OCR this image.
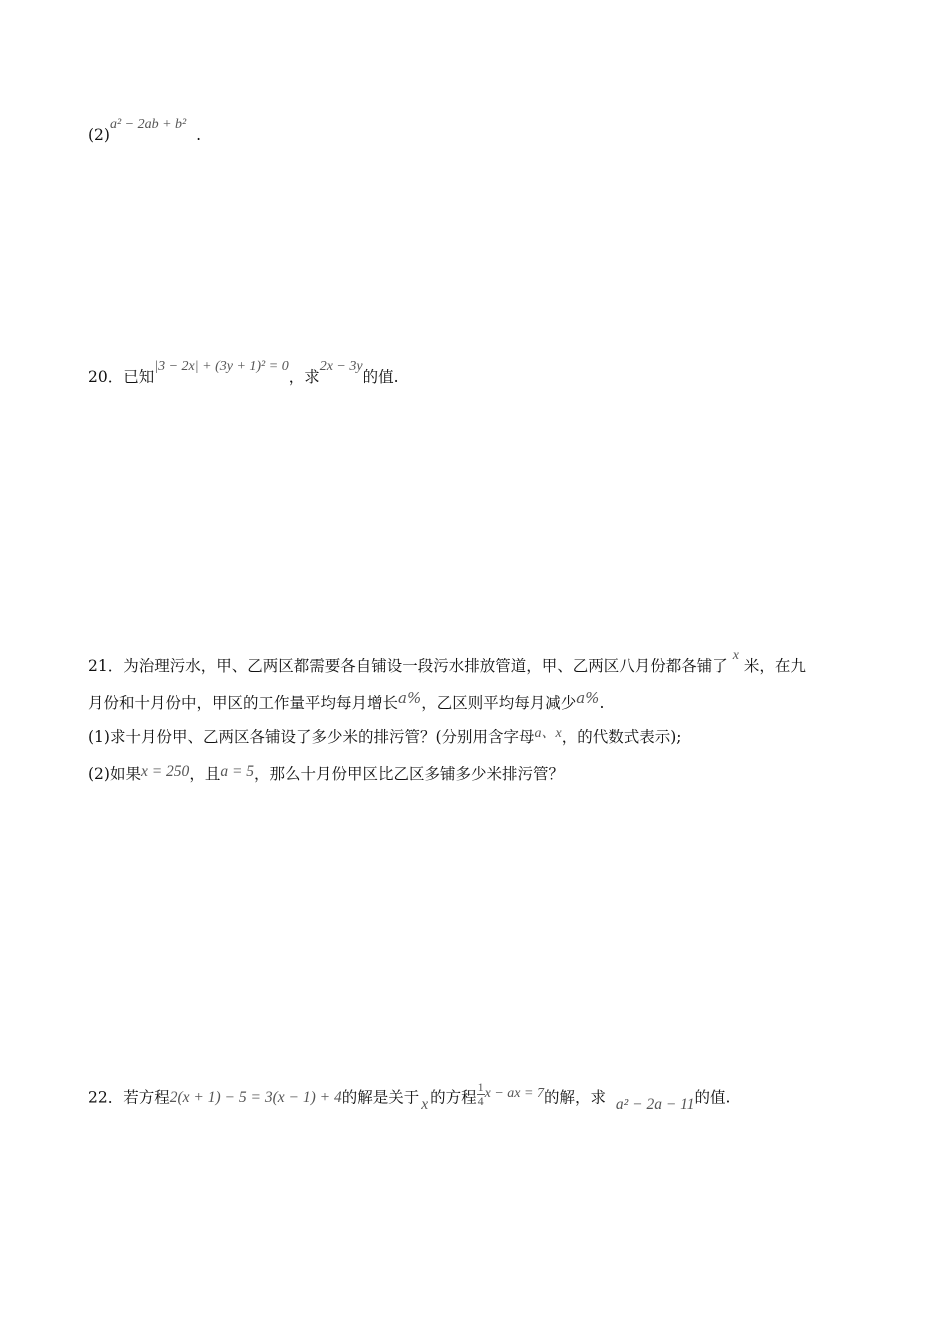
(2)a² − 2ab + b²  .
20．已知|3 − 2x| + (3y + 1)² = 0，求2x − 3y的值.
21．为治理污水，甲、乙两区都需要各自铺设一段污水排放管道，甲、乙两区八月份都各铺了 x 米，在九
月份和十月份中，甲区的工作量平均每月增长a%，乙区则平均每月减少a%.
(1)求十月份甲、乙两区各铺设了多少米的排污管？(分别用含字母a、x，的代数式表示);
(2)如果x = 250，且a = 5，那么十月份甲区比乙区多铺多少米排污管？
22．若方程2(x + 1) − 5 = 3(x − 1) + 4的解是关于 x 的方程 $\frac{1}{4}$ x − ax = 7的解，求 a² − 2a − 11的值.
